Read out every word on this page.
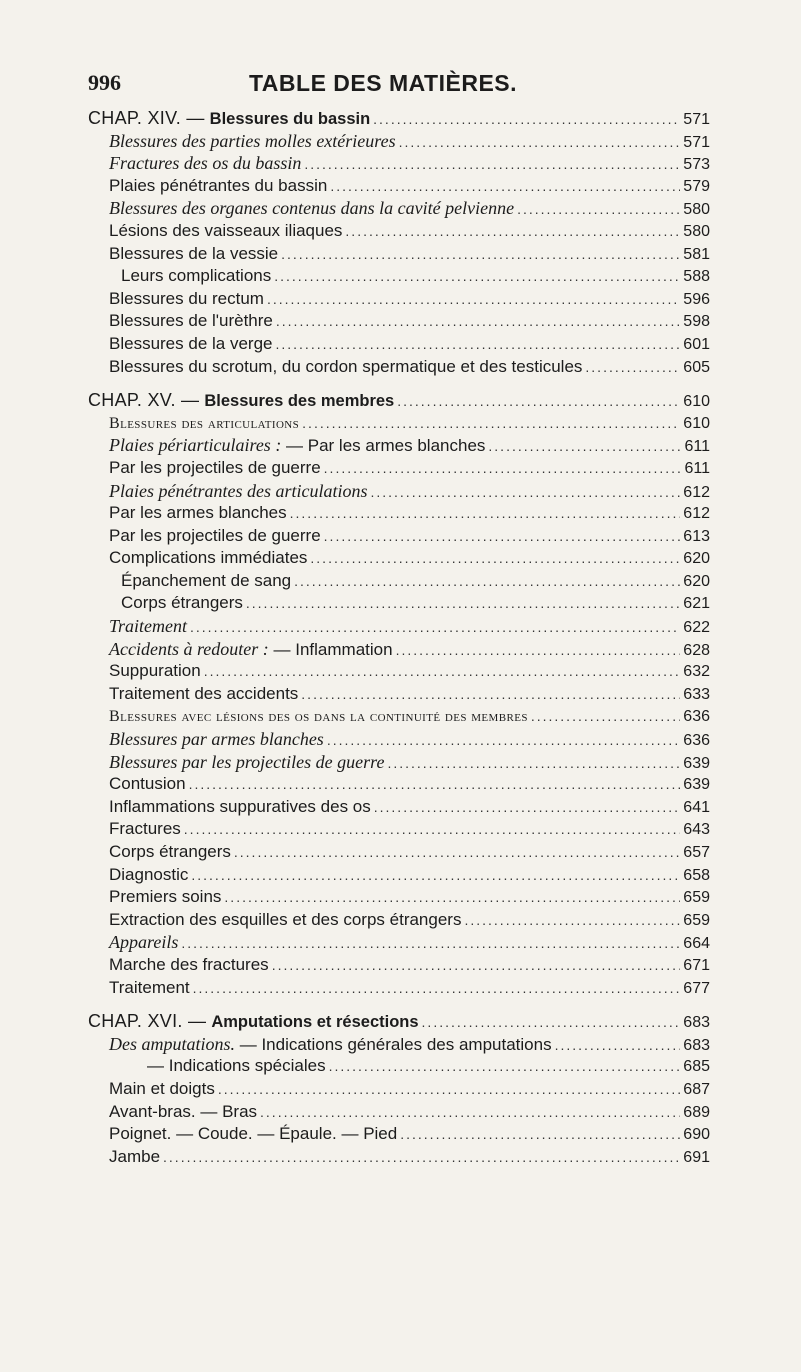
996	TABLE DES MATIÈRES.
CHAP. XIV. — Blessures du bassin .....	571
Blessures des parties molles extérieures .....	571
Fractures des os du bassin .....	573
Plaies pénétrantes du bassin .....	579
Blessures des organes contenus dans la cavité pelvienne .....	580
Lésions des vaisseaux iliaques .....	580
Blessures de la vessie .....	581
Leurs complications .....	588
Blessures du rectum .....	596
Blessures de l'urèthre .....	598
Blessures de la verge .....	601
Blessures du scrotum, du cordon spermatique et des testicules .....	605
CHAP. XV. — Blessures des membres .....	610
Blessures des articulations .....	610
Plaies périarticulaires : — Par les armes blanches .....	611
Par les projectiles de guerre .....	611
Plaies pénétrantes des articulations .....	612
Par les armes blanches .....	612
Par les projectiles de guerre .....	613
Complications immédiates .....	620
Épanchement de sang .....	620
Corps étrangers .....	621
Traitement .....	622
Accidents à redouter : — Inflammation .....	628
Suppuration .....	632
Traitement des accidents .....	633
Blessures avec lésions des os dans la continuité des membres .....	636
Blessures par armes blanches .....	636
Blessures par les projectiles de guerre .....	639
Contusion .....	639
Inflammations suppuratives des os .....	641
Fractures .....	643
Corps étrangers .....	657
Diagnostic .....	658
Premiers soins .....	659
Extraction des esquilles et des corps étrangers .....	659
Appareils .....	664
Marche des fractures .....	671
Traitement .....	677
CHAP. XVI. — Amputations et résections .....	683
Des amputations. — Indications générales des amputations .....	683
— Indications spéciales .....	685
Main et doigts .....	687
Avant-bras. — Bras .....	689
Poignet. — Coude. — Épaule. — Pied .....	690
Jambe .....	691
